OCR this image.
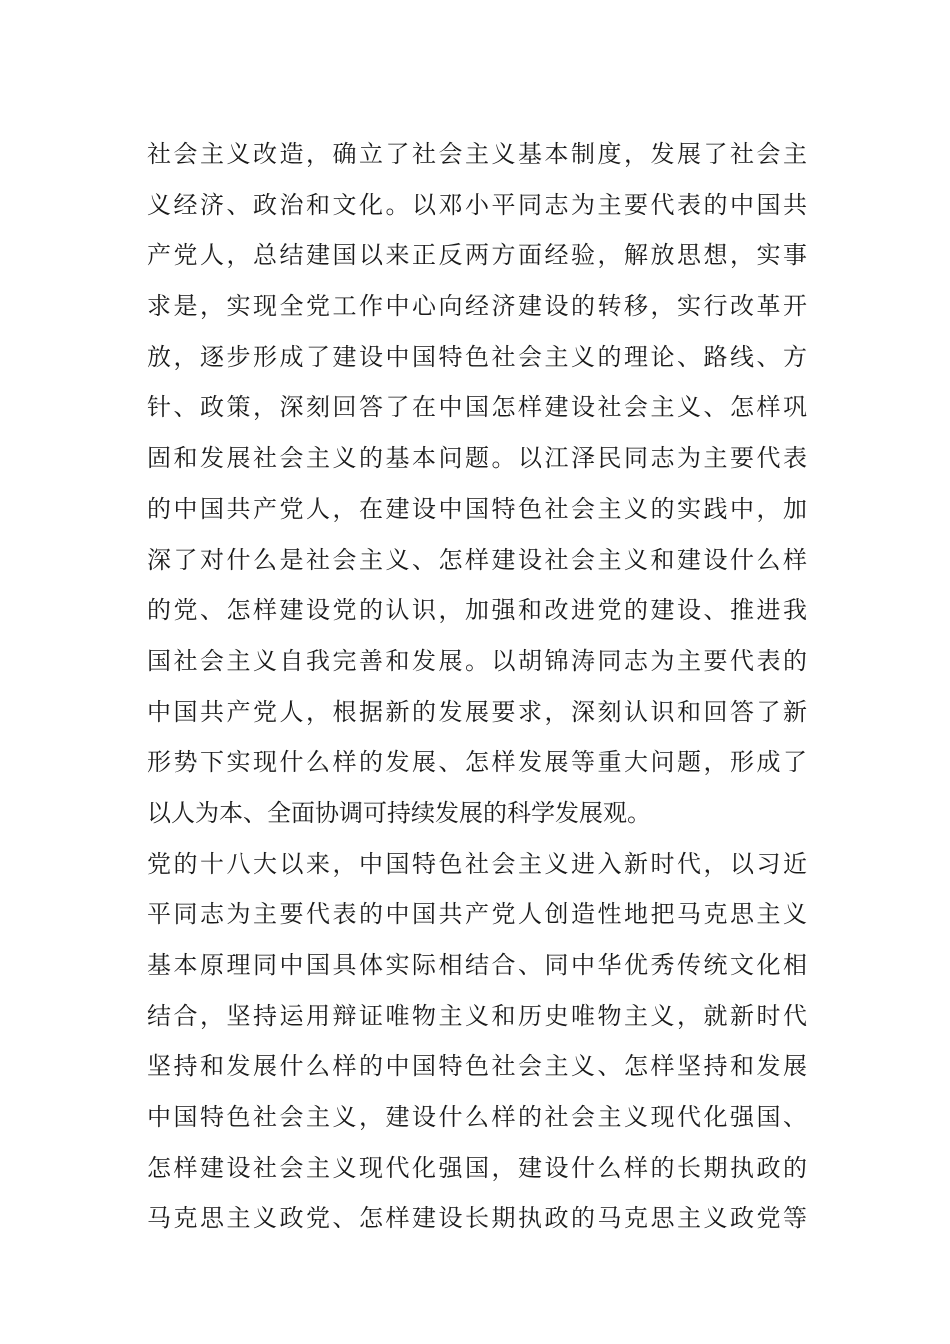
社会主义改造，确立了社会主义基本制度，发展了社会主
义经济、政治和文化。以邓小平同志为主要代表的中国共
产党人，总结建国以来正反两方面经验，解放思想，实事
求是，实现全党工作中心向经济建设的转移，实行改革开
放，逐步形成了建设中国特色社会主义的理论、路线、方
针、政策，深刻回答了在中国怎样建设社会主义、怎样巩
固和发展社会主义的基本问题。以江泽民同志为主要代表
的中国共产党人，在建设中国特色社会主义的实践中，加
深了对什么是社会主义、怎样建设社会主义和建设什么样
的党、怎样建设党的认识，加强和改进党的建设、推进我
国社会主义自我完善和发展。以胡锦涛同志为主要代表的
中国共产党人，根据新的发展要求，深刻认识和回答了新
形势下实现什么样的发展、怎样发展等重大问题，形成了
以人为本、全面协调可持续发展的科学发展观。
党的十八大以来，中国特色社会主义进入新时代，以习近
平同志为主要代表的中国共产党人创造性地把马克思主义
基本原理同中国具体实际相结合、同中华优秀传统文化相
结合，坚持运用辩证唯物主义和历史唯物主义，就新时代
坚持和发展什么样的中国特色社会主义、怎样坚持和发展
中国特色社会主义，建设什么样的社会主义现代化强国、
怎样建设社会主义现代化强国，建设什么样的长期执政的
马克思主义政党、怎样建设长期执政的马克思主义政党等
